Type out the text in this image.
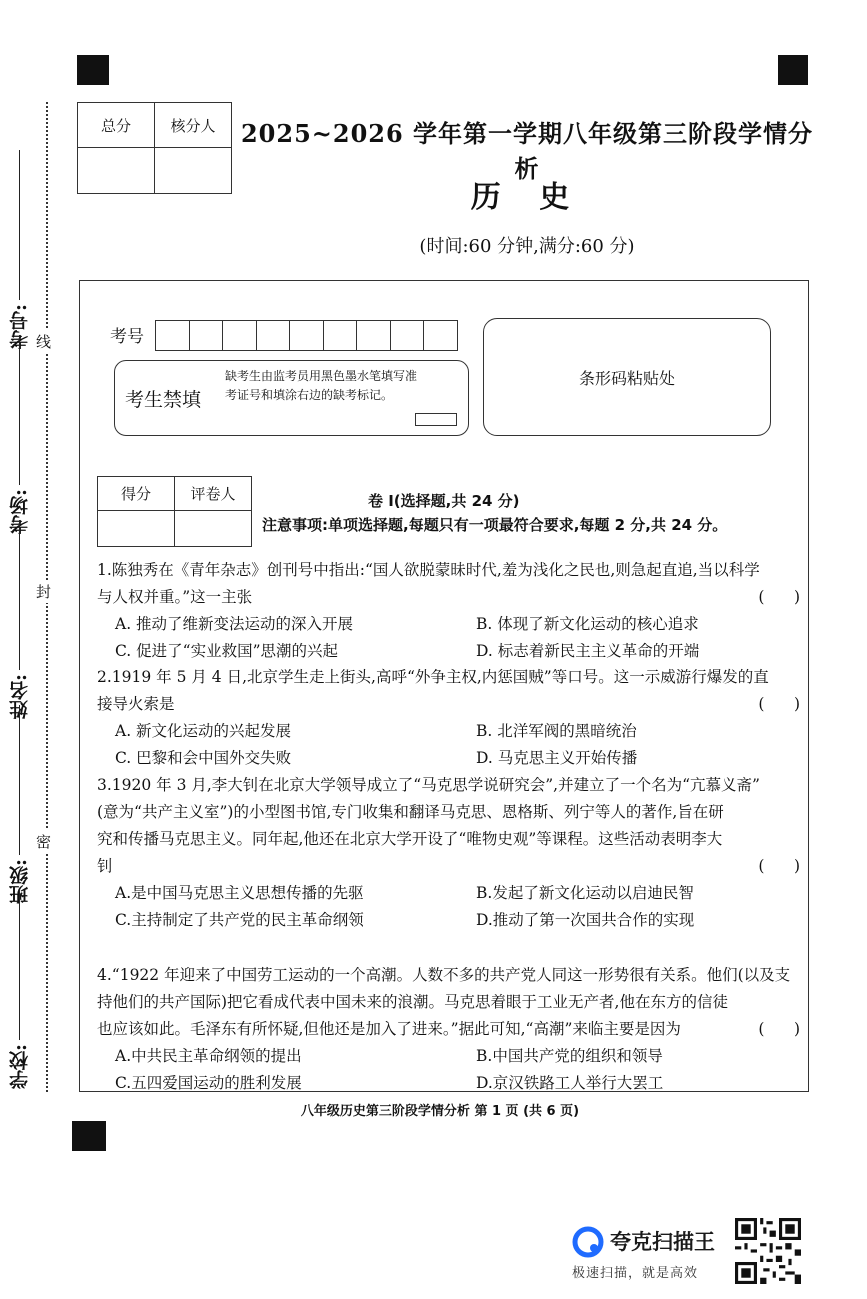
考号:
考场:
姓名:
班级:
学校:
线
封
密
总分	核分人
		2025~2026 学年第一学期八年级第三阶段学情分析
历 史
(时间:60 分钟,满分:60 分)
考号
考生禁填
缺考生由监考员用黑色墨水笔填写准考证号和填涂右边的缺考标记。
条形码粘贴处
得分	评卷人
		卷 I(选择题,共 24 分)
注意事项:单项选择题,每题只有一项最符合要求,每题 2 分,共 24 分。
1.陈独秀在《青年杂志》创刊号中指出:“国人欲脱蒙昧时代,羞为浅化之民也,则急起直追,当以科学
与人权并重。”这一主张	(      )
A. 推动了维新变法运动的深入开展	B. 体现了新文化运动的核心追求
C. 促进了“实业救国”思潮的兴起	D. 标志着新民主主义革命的开端
2.1919 年 5 月 4 日,北京学生走上街头,高呼“外争主权,内惩国贼”等口号。这一示威游行爆发的直
接导火索是	(      )
A. 新文化运动的兴起发展	B. 北洋军阀的黑暗统治
C. 巴黎和会中国外交失败	D. 马克思主义开始传播
3.1920 年 3 月,李大钊在北京大学领导成立了“马克思学说研究会”,并建立了一个名为“亢慕义斋”
(意为“共产主义室”)的小型图书馆,专门收集和翻译马克思、恩格斯、列宁等人的著作,旨在研
究和传播马克思主义。同年起,他还在北京大学开设了“唯物史观”等课程。这些活动表明李大
钊	(      )
A.是中国马克思主义思想传播的先驱	B.发起了新文化运动以启迪民智
C.主持制定了共产党的民主革命纲领	D.推动了第一次国共合作的实现
4.“1922 年迎来了中国劳工运动的一个高潮。人数不多的共产党人同这一形势很有关系。他们(以及支
持他们的共产国际)把它看成代表中国未来的浪潮。马克思着眼于工业无产者,他在东方的信徒
也应该如此。毛泽东有所怀疑,但他还是加入了进来。”据此可知,“高潮”来临主要是因为	(      )
A.中共民主革命纲领的提出	B.中国共产党的组织和领导
C.五四爱国运动的胜利发展	D.京汉铁路工人举行大罢工
八年级历史第三阶段学情分析 第 1 页 (共 6 页)
夸克扫描王
极速扫描，就是高效
